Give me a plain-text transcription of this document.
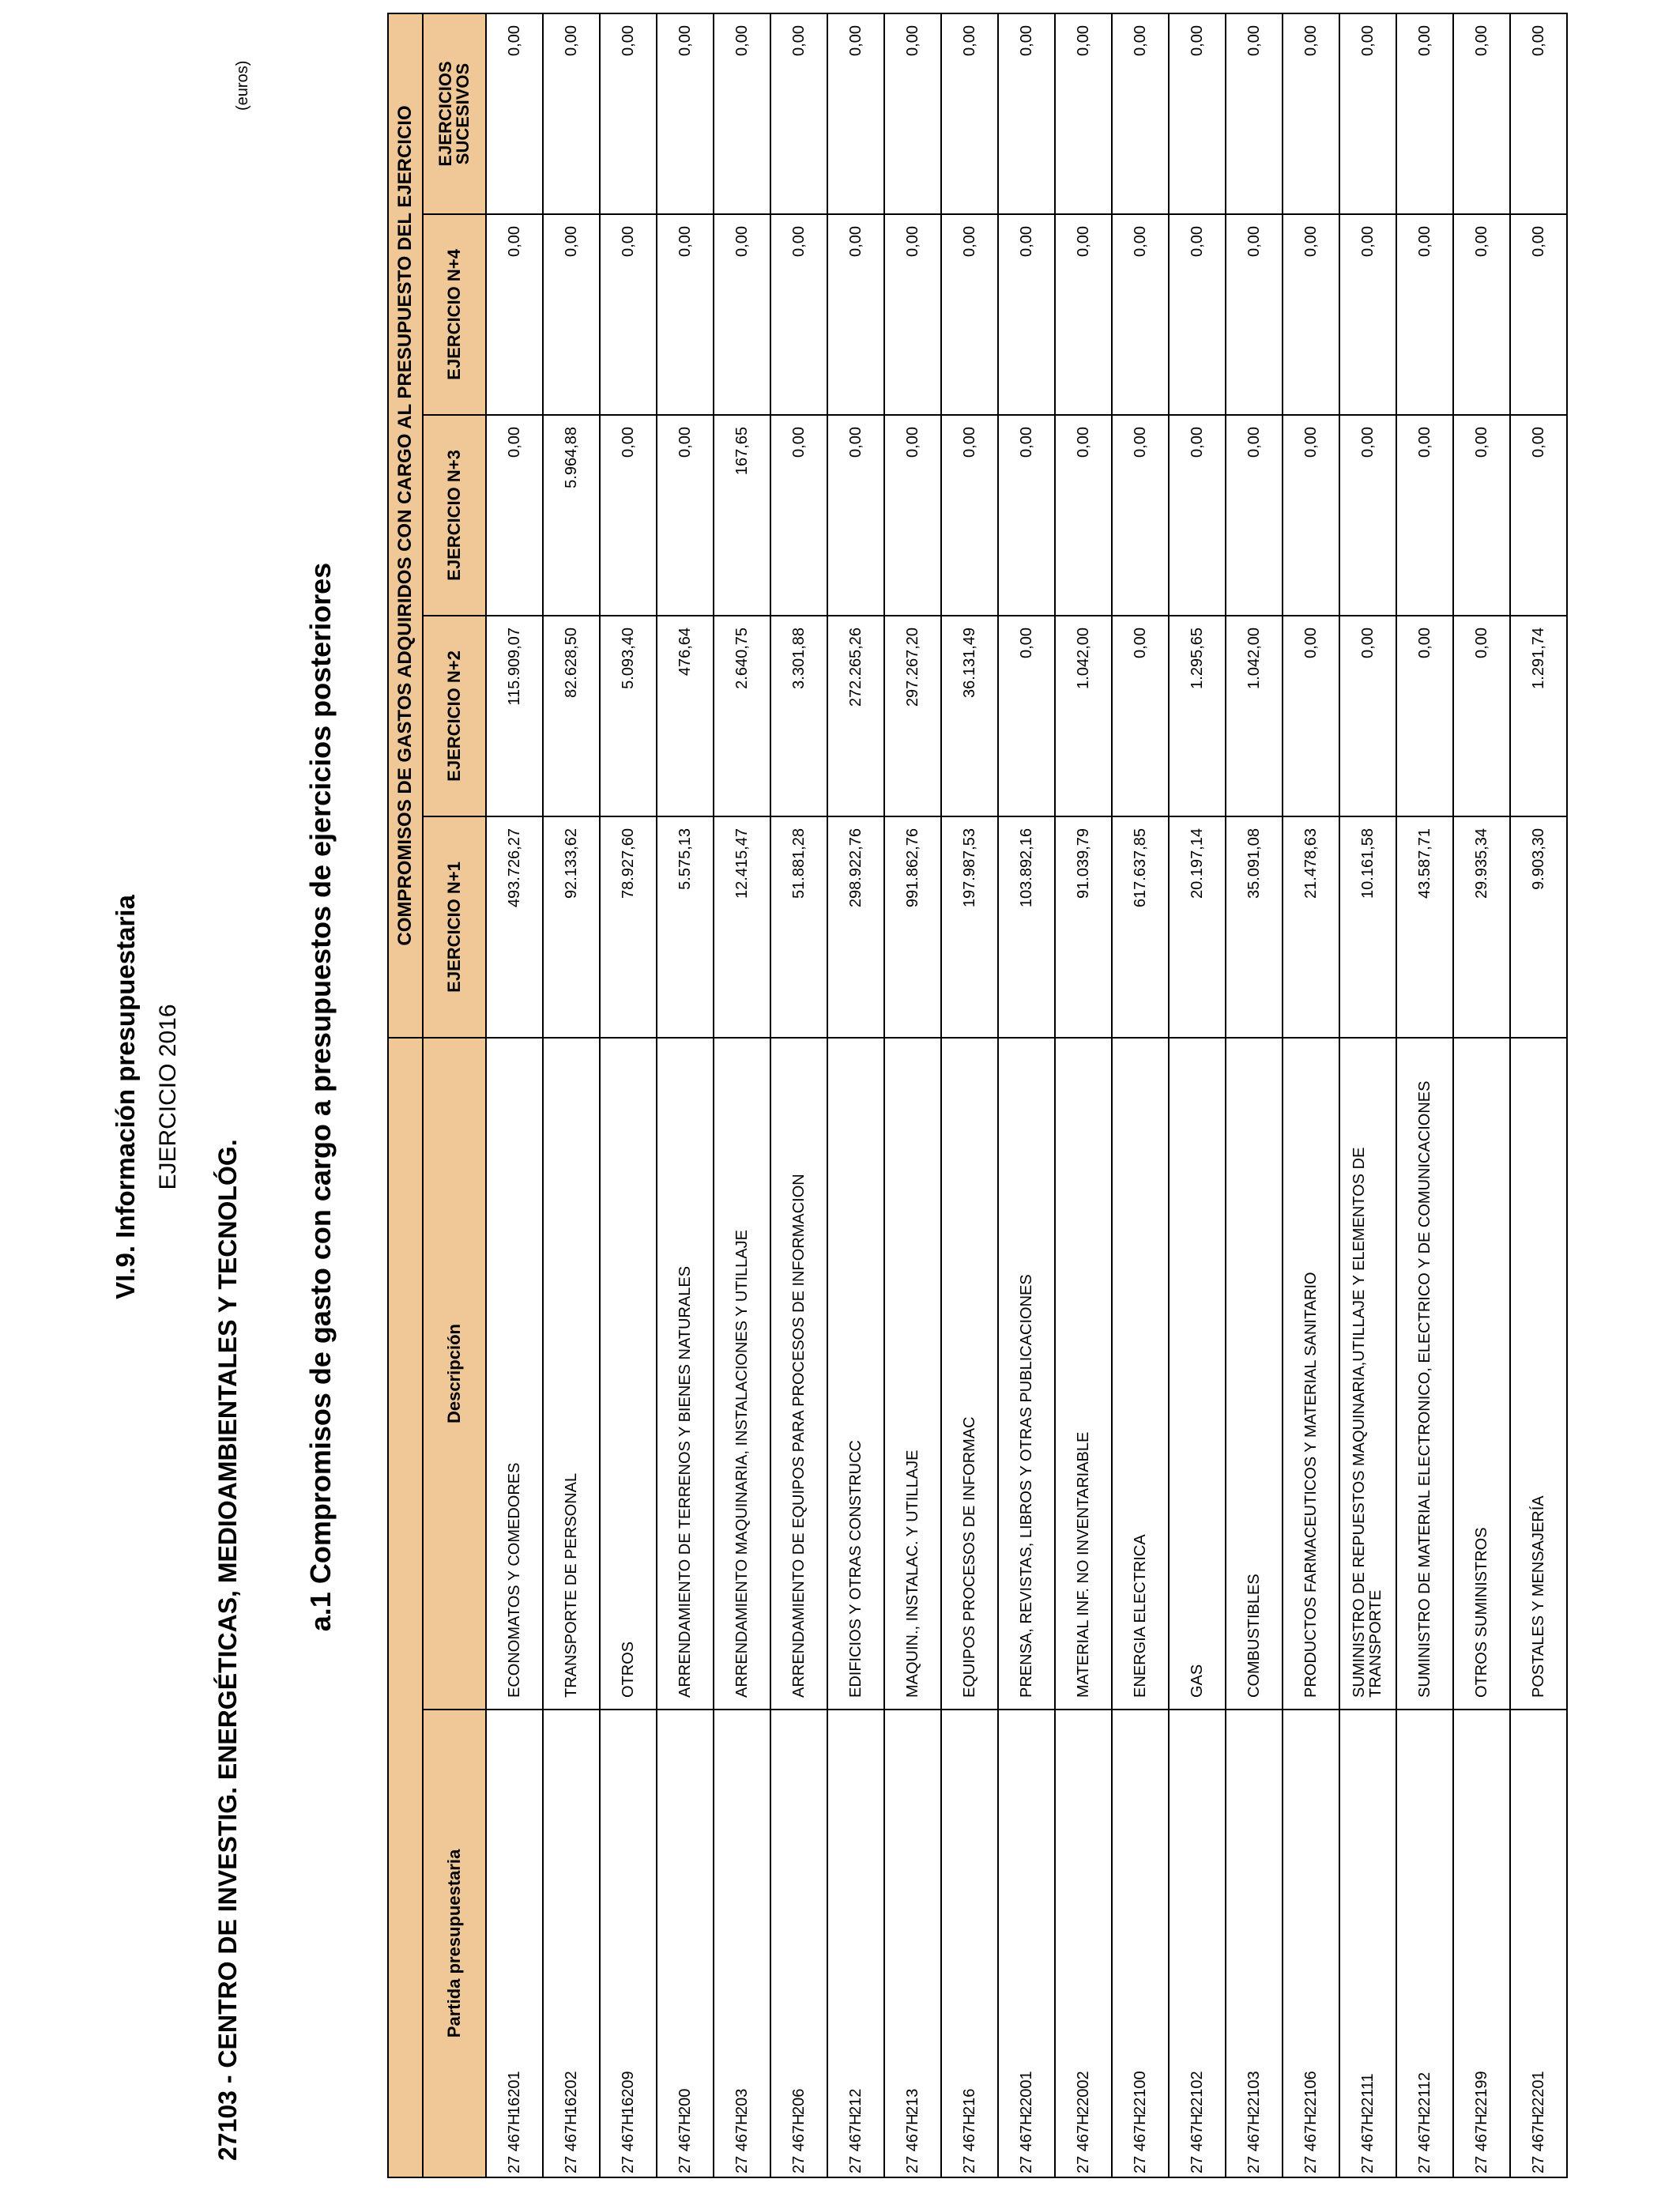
VI.9. Información presupuestaria EJERCICIO 2016
27103 - CENTRO DE INVESTIG. ENERGÉTICAS, MEDIOAMBIENTALES Y TECNOLÓG.
(euros)
a.1 Compromisos de gasto con cargo a presupuestos de ejercicios posteriores
		COMPROMISOS DE GASTOS ADQUIRIDOS CON CARGO AL PRESUPUESTO DEL EJERCICIO				
Partida presupuestaria	Descripción	EJERCICIO N+1	EJERCICIO N+2	EJERCICIO N+3	EJERCICIO N+4	EJERCICIOS SUCESIVOS
27 467H16201	ECONOMATOS Y COMEDORES	493.726,27	115.909,07	0,00	0,00	0,00
27 467H16202	TRANSPORTE DE PERSONAL	92.133,62	82.628,50	5.964,88	0,00	0,00
27 467H16209	OTROS	78.927,60	5.093,40	0,00	0,00	0,00
27 467H200	ARRENDAMIENTO DE TERRENOS Y BIENES NATURALES	5.575,13	476,64	0,00	0,00	0,00
27 467H203	ARRENDAMIENTO MAQUINARIA, INSTALACIONES Y UTILLAJE	12.415,47	2.640,75	167,65	0,00	0,00
27 467H206	ARRENDAMIENTO DE EQUIPOS PARA PROCESOS DE INFORMACION	51.881,28	3.301,88	0,00	0,00	0,00
27 467H212	EDIFICIOS Y OTRAS CONSTRUCC	298.922,76	272.265,26	0,00	0,00	0,00
27 467H213	MAQUIN., INSTALAC. Y UTILLAJE	991.862,76	297.267,20	0,00	0,00	0,00
27 467H216	EQUIPOS PROCESOS DE INFORMAC	197.987,53	36.131,49	0,00	0,00	0,00
27 467H22001	PRENSA, REVISTAS, LIBROS Y OTRAS PUBLICACIONES	103.892,16	0,00	0,00	0,00	0,00
27 467H22002	MATERIAL INF. NO INVENTARIABLE	91.039,79	1.042,00	0,00	0,00	0,00
27 467H22100	ENERGIA ELECTRICA	617.637,85	0,00	0,00	0,00	0,00
27 467H22102	GAS	20.197,14	1.295,65	0,00	0,00	0,00
27 467H22103	COMBUSTIBLES	35.091,08	1.042,00	0,00	0,00	0,00
27 467H22106	PRODUCTOS FARMACEUTICOS Y MATERIAL SANITARIO	21.478,63	0,00	0,00	0,00	0,00
27 467H22111	SUMINISTRO DE REPUESTOS MAQUINARIA,UTILLAJE Y ELEMENTOS DE TRANSPORTE	10.161,58	0,00	0,00	0,00	0,00
27 467H22112	SUMINISTRO DE MATERIAL ELECTRONICO, ELECTRICO Y DE COMUNICACIONES	43.587,71	0,00	0,00	0,00	0,00
27 467H22199	OTROS SUMINISTROS	29.935,34	0,00	0,00	0,00	0,00
27 467H22201	POSTALES Y MENSAJERÍA	9.903,30	1.291,74	0,00	0,00	0,00
